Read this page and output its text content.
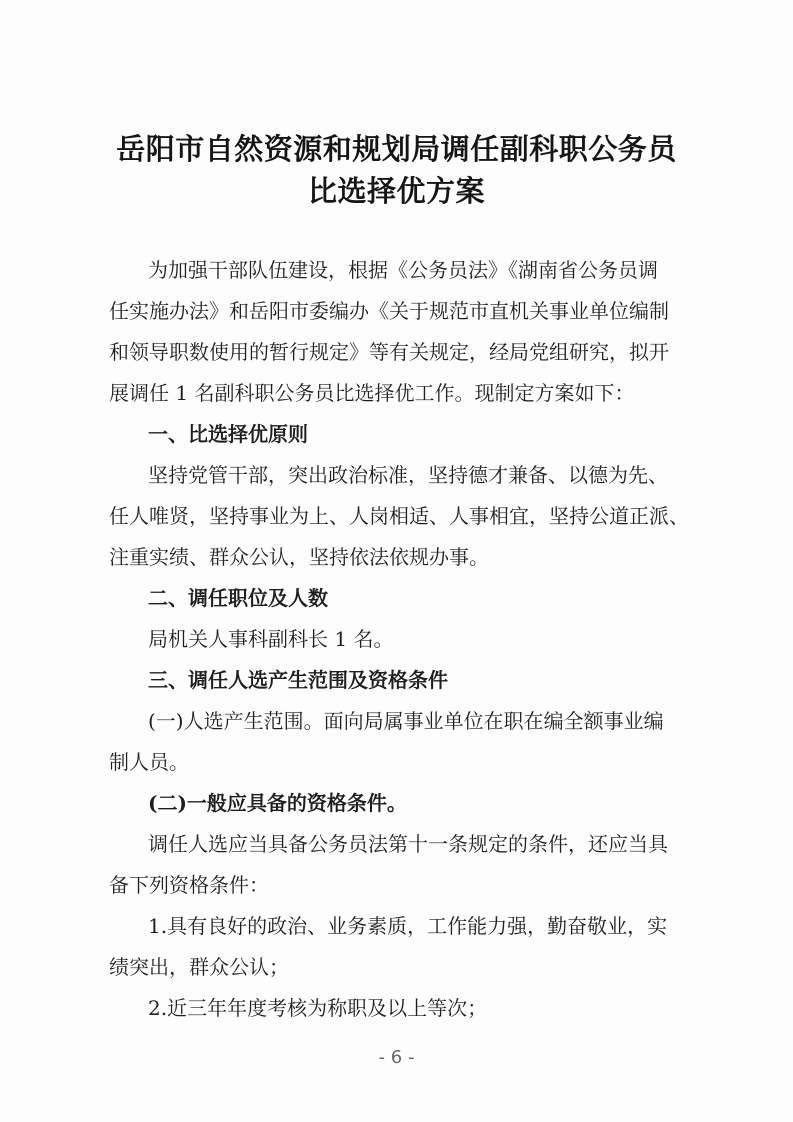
岳阳市自然资源和规划局调任副科职公务员
比选择优方案
为加强干部队伍建设，根据《公务员法》《湖南省公务员调
任实施办法》和岳阳市委编办《关于规范市直机关事业单位编制
和领导职数使用的暂行规定》等有关规定，经局党组研究，拟开
展调任 1 名副科职公务员比选择优工作。现制定方案如下：
一、比选择优原则
坚持党管干部，突出政治标准，坚持德才兼备、以德为先、
任人唯贤，坚持事业为上、人岗相适、人事相宜，坚持公道正派、
注重实绩、群众公认，坚持依法依规办事。
二、调任职位及人数
局机关人事科副科长 1 名。
三、调任人选产生范围及资格条件
(一)人选产生范围。面向局属事业单位在职在编全额事业编
制人员。
(二)一般应具备的资格条件。
调任人选应当具备公务员法第十一条规定的条件，还应当具
备下列资格条件：
1.具有良好的政治、业务素质，工作能力强，勤奋敬业，实
绩突出，群众公认；
2.近三年年度考核为称职及以上等次；
- 6 -
